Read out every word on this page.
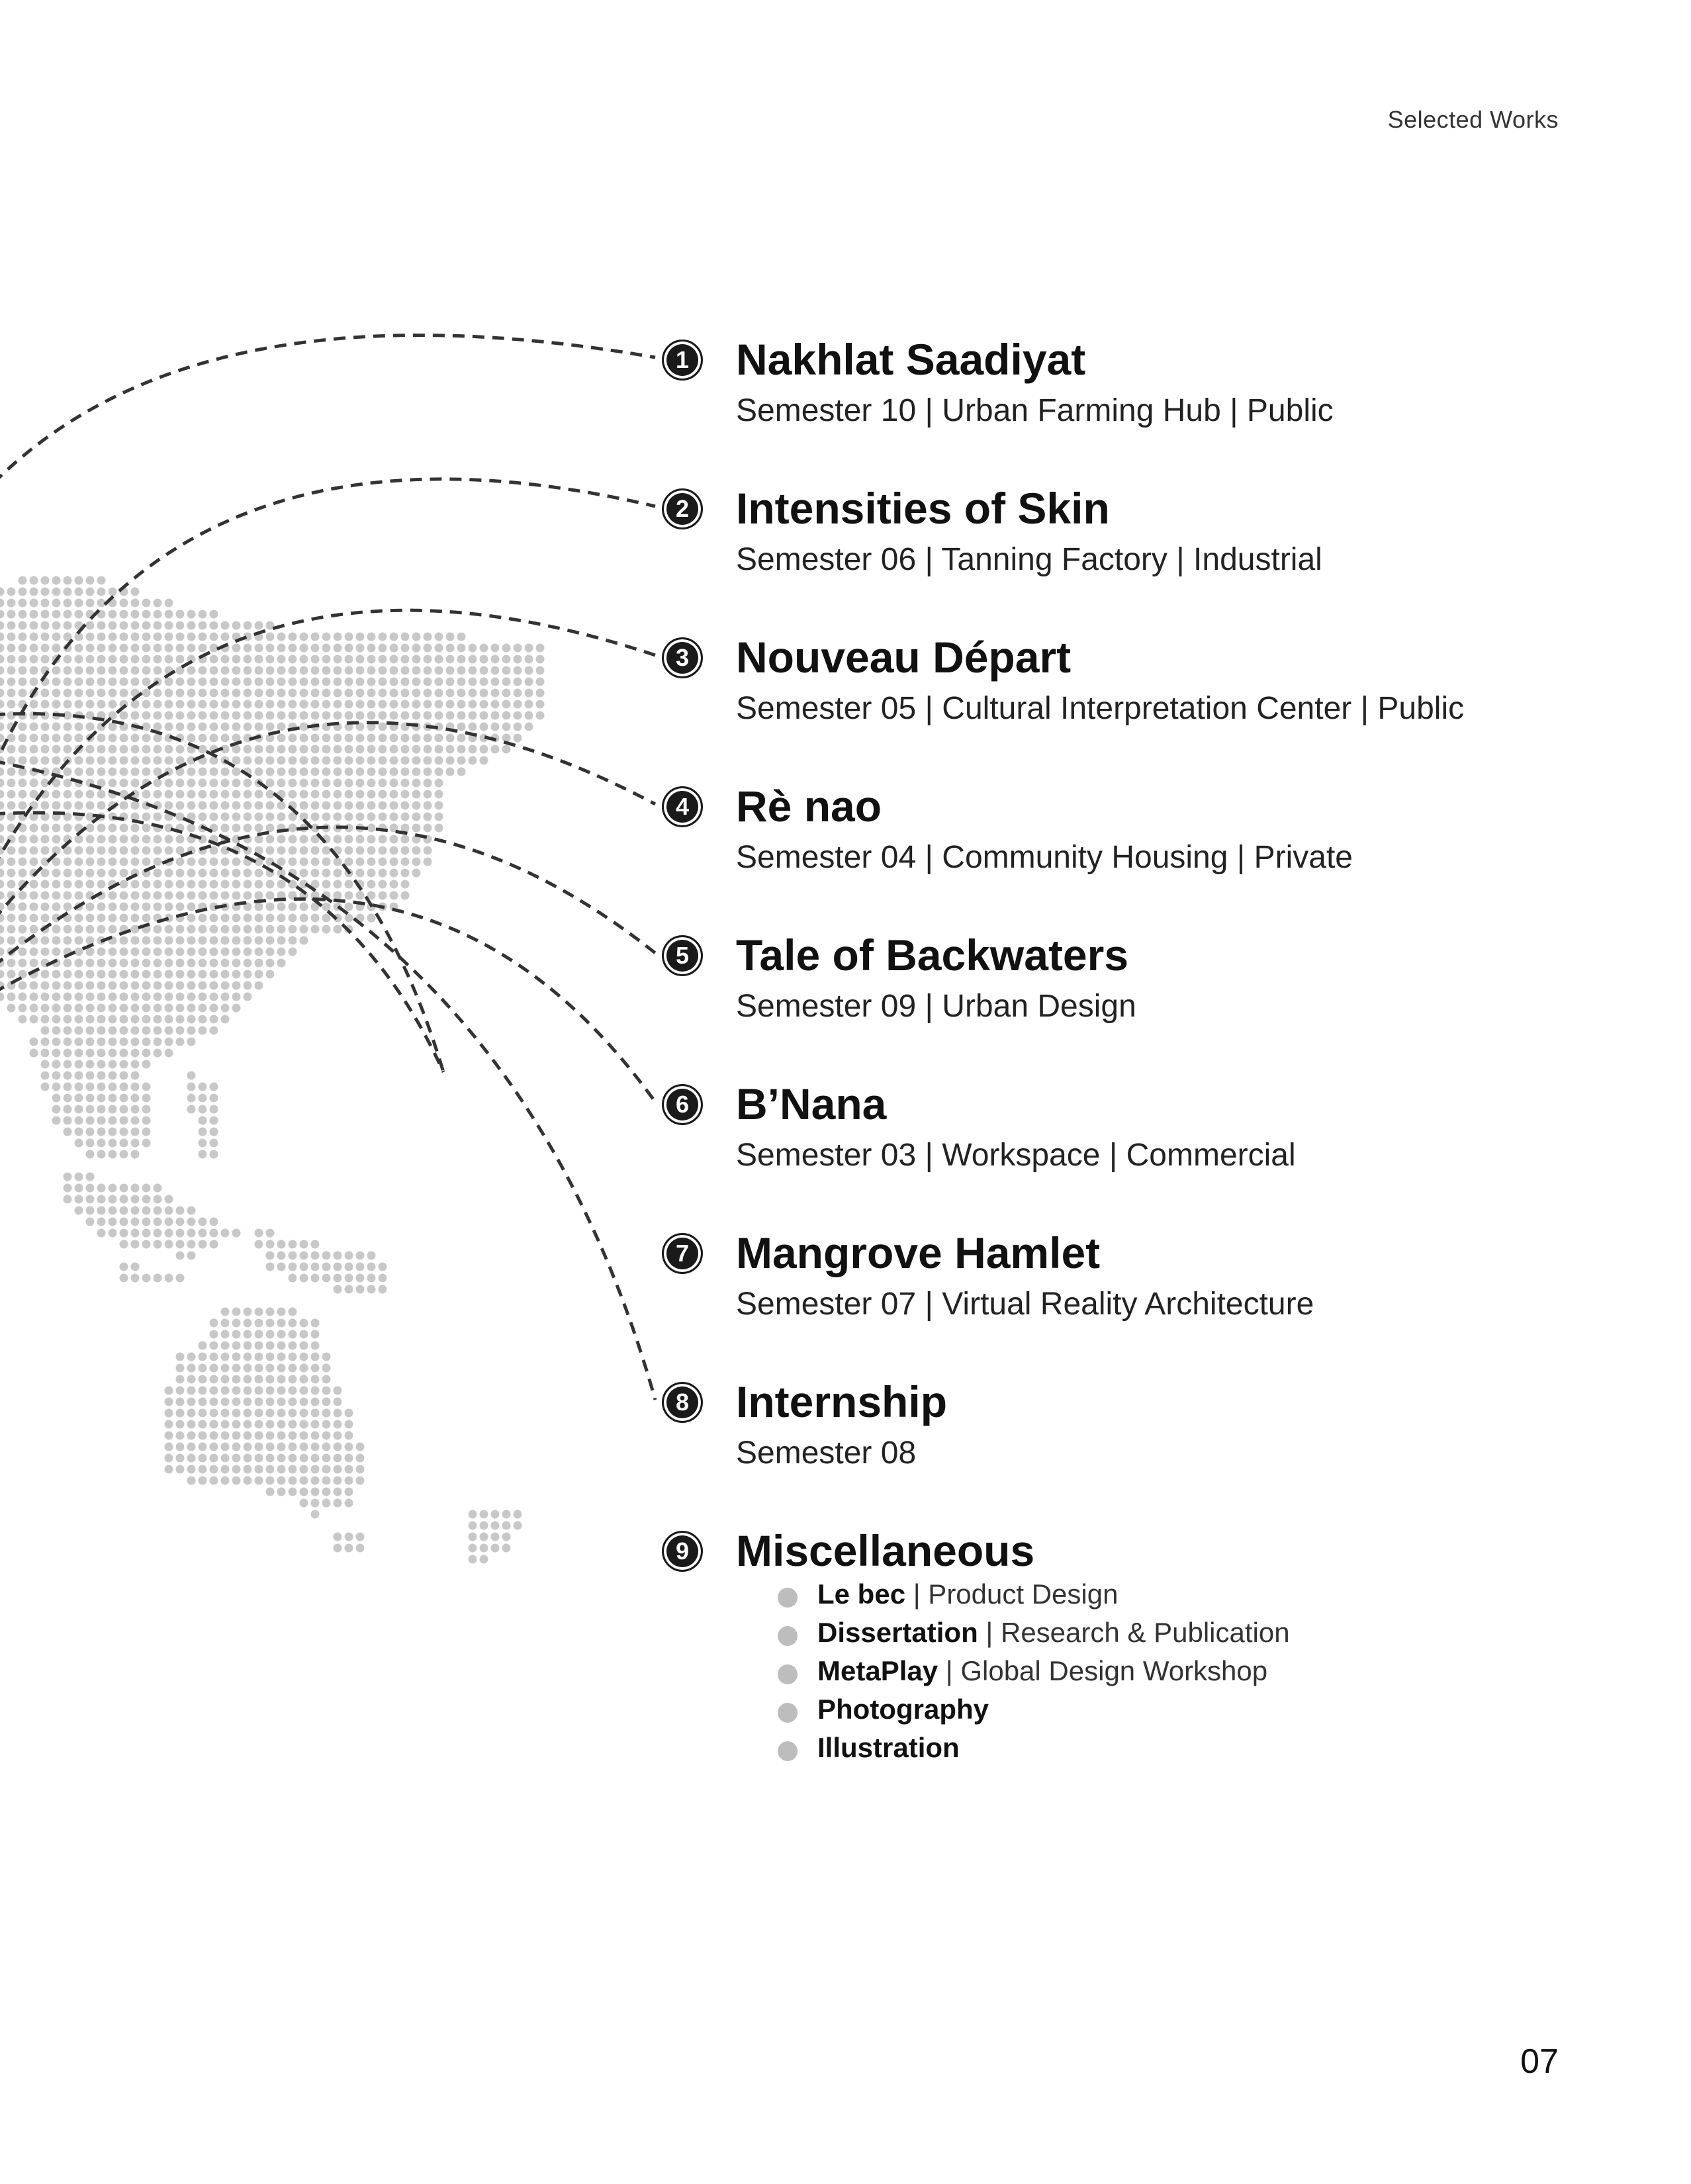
Selected Works
1	Nakhlat Saadiyat
Semester 10 | Urban Farming Hub | Public
2	Intensities of Skin
Semester 06 | Tanning Factory | Industrial
3	Nouveau Départ
Semester 05 | Cultural Interpretation Center | Public
4	Rè nao
Semester 04 | Community Housing | Private
5	Tale of Backwaters
Semester 09 | Urban Design
6	B’Nana
Semester 03 | Workspace | Commercial
7	Mangrove Hamlet
Semester 07 | Virtual Reality Architecture
8	Internship
Semester 08
9	Miscellaneous
Le bec | Product Design
Dissertation | Research & Publication
MetaPlay | Global Design Workshop
Photography
Illustration
07
